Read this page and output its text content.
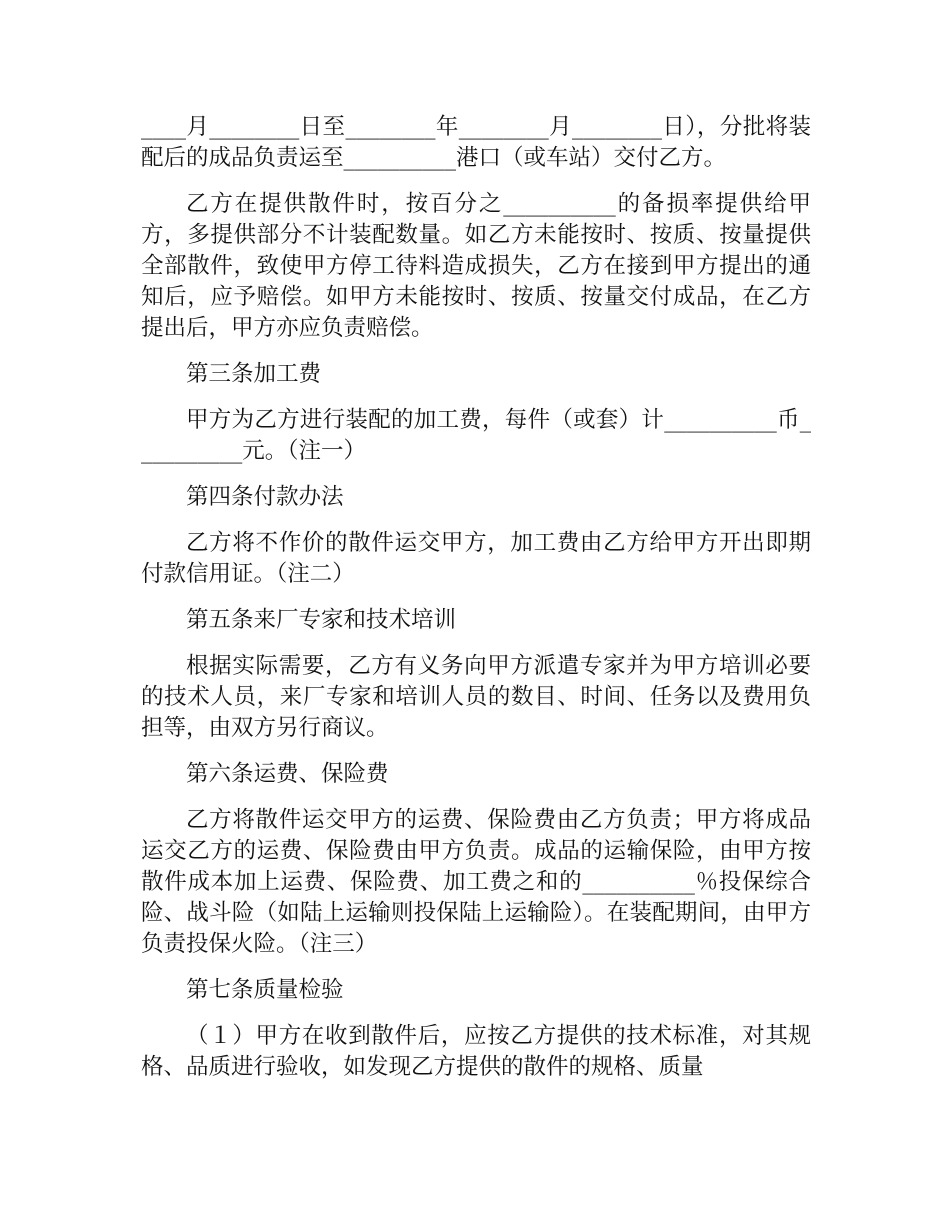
____月________日至________年________月________日），分批将装配后的成品负责运至__________港口（或车站）交付乙方。

乙方在提供散件时，按百分之__________的备损率提供给甲方，多提供部分不计装配数量。如乙方未能按时、按质、按量提供全部散件，致使甲方停工待料造成损失，乙方在接到甲方提出的通知后，应予赔偿。如甲方未能按时、按质、按量交付成品，在乙方提出后，甲方亦应负责赔偿。

第三条加工费

甲方为乙方进行装配的加工费，每件（或套）计__________币__________元。（注一）

第四条付款办法

乙方将不作价的散件运交甲方，加工费由乙方给甲方开出即期付款信用证。（注二）

第五条来厂专家和技术培训

根据实际需要，乙方有义务向甲方派遣专家并为甲方培训必要的技术人员，来厂专家和培训人员的数目、时间、任务以及费用负担等，由双方另行商议。

第六条运费、保险费

乙方将散件运交甲方的运费、保险费由乙方负责；甲方将成品运交乙方的运费、保险费由甲方负责。成品的运输保险，由甲方按散件成本加上运费、保险费、加工费之和的__________％投保综合险、战斗险（如陆上运输则投保陆上运输险）。在装配期间，由甲方负责投保火险。（注三）

第七条质量检验

（１）甲方在收到散件后，应按乙方提供的技术标准，对其规格、品质进行验收，如发现乙方提供的散件的规格、质量
